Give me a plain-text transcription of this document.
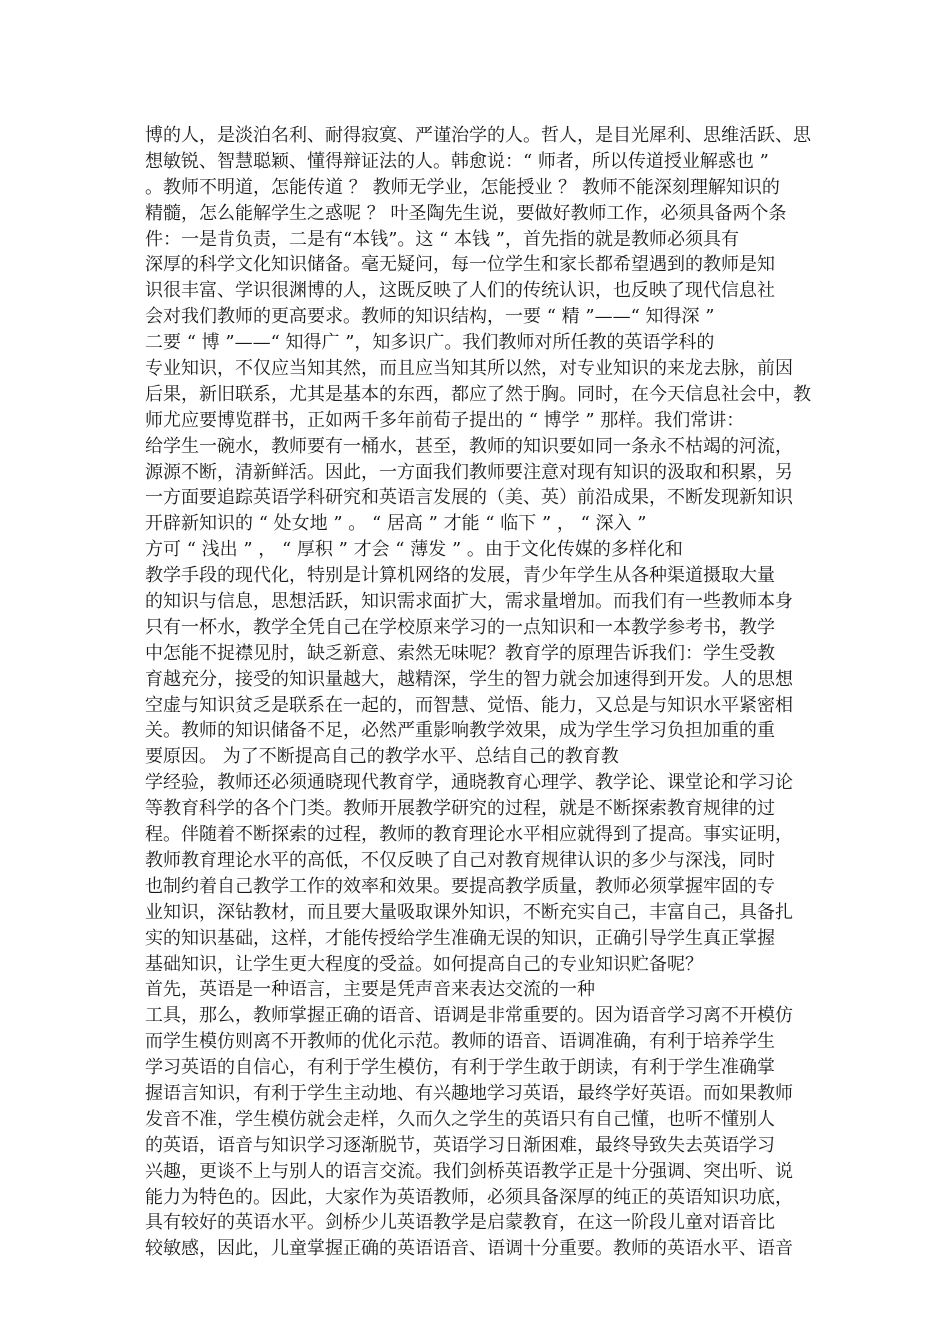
博的人，是淡泊名利、耐得寂寞、严谨治学的人。哲人，是目光犀利、思维活跃、思
想敏锐、智慧聪颖、懂得辩证法的人。韩愈说：“ 师者，所以传道授业解惑也 ”
。教师不明道，怎能传道 ？ 教师无学业，怎能授业 ？ 教师不能深刻理解知识的
精髓，怎么能解学生之惑呢 ？ 叶圣陶先生说，要做好教师工作，必须具备两个条
件：一是肯负责，二是有“本钱”。这 “ 本钱 ”，首先指的就是教师必须具有
深厚的科学文化知识储备。毫无疑问，每一位学生和家长都希望遇到的教师是知
识很丰富、学识很渊博的人，这既反映了人们的传统认识，也反映了现代信息社
会对我们教师的更高要求。教师的知识结构，一要 “ 精 ”——“ 知得深 ”
二要 “ 博 ”——“ 知得广 ”，知多识广。我们教师对所任教的英语学科的
专业知识，不仅应当知其然，而且应当知其所以然，对专业知识的来龙去脉，前因
后果，新旧联系，尤其是基本的东西，都应了然于胸。同时，在今天信息社会中，教
师尤应要博览群书，正如两千多年前荀子提出的 “ 博学 ” 那样。我们常讲：
给学生一碗水，教师要有一桶水，甚至，教师的知识要如同一条永不枯竭的河流，
源源不断，清新鲜活。因此，一方面我们教师要注意对现有知识的汲取和积累，另
一方面要追踪英语学科研究和英语言发展的（美、英）前沿成果，不断发现新知识
开辟新知识的 “ 处女地 ” 。 “ 居高 ” 才能 “ 临下 ” ， “ 深入 ”
方可 “ 浅出 ” ， “ 厚积 ” 才会 “ 薄发 ” 。由于文化传媒的多样化和
教学手段的现代化，特别是计算机网络的发展，青少年学生从各种渠道摄取大量
的知识与信息，思想活跃，知识需求面扩大，需求量增加。而我们有一些教师本身
只有一杯水，教学全凭自己在学校原来学习的一点知识和一本教学参考书，教学
中怎能不捉襟见肘，缺乏新意、索然无味呢？教育学的原理告诉我们：学生受教
育越充分，接受的知识量越大，越精深，学生的智力就会加速得到开发。人的思想
空虚与知识贫乏是联系在一起的，而智慧、觉悟、能力，又总是与知识水平紧密相
关。教师的知识储备不足，必然严重影响教学效果，成为学生学习负担加重的重
要原因。 为了不断提高自己的教学水平、总结自己的教育教
学经验，教师还必须通晓现代教育学，通晓教育心理学、教学论、课堂论和学习论
等教育科学的各个门类。教师开展教学研究的过程，就是不断探索教育规律的过
程。伴随着不断探索的过程，教师的教育理论水平相应就得到了提高。事实证明，
教师教育理论水平的高低，不仅反映了自己对教育规律认识的多少与深浅，同时
也制约着自己教学工作的效率和效果。要提高教学质量，教师必须掌握牢固的专
业知识，深钻教材，而且要大量吸取课外知识，不断充实自己，丰富自己，具备扎
实的知识基础，这样，才能传授给学生准确无误的知识，正确引导学生真正掌握
基础知识，让学生更大程度的受益。如何提高自己的专业知识贮备呢？
首先，英语是一种语言，主要是凭声音来表达交流的一种
工具，那么，教师掌握正确的语音、语调是非常重要的。因为语音学习离不开模仿
而学生模仿则离不开教师的优化示范。教师的语音、语调准确，有利于培养学生
学习英语的自信心，有利于学生模仿，有利于学生敢于朗读，有利于学生准确掌
握语言知识，有利于学生主动地、有兴趣地学习英语，最终学好英语。而如果教师
发音不准，学生模仿就会走样，久而久之学生的英语只有自己懂，也听不懂别人
的英语，语音与知识学习逐渐脱节，英语学习日渐困难，最终导致失去英语学习
兴趣，更谈不上与别人的语言交流。我们剑桥英语教学正是十分强调、突出听、说
能力为特色的。因此，大家作为英语教师，必须具备深厚的纯正的英语知识功底，
具有较好的英语水平。剑桥少儿英语教学是启蒙教育，在这一阶段儿童对语音比
较敏感，因此，儿童掌握正确的英语语音、语调十分重要。教师的英语水平、语音
